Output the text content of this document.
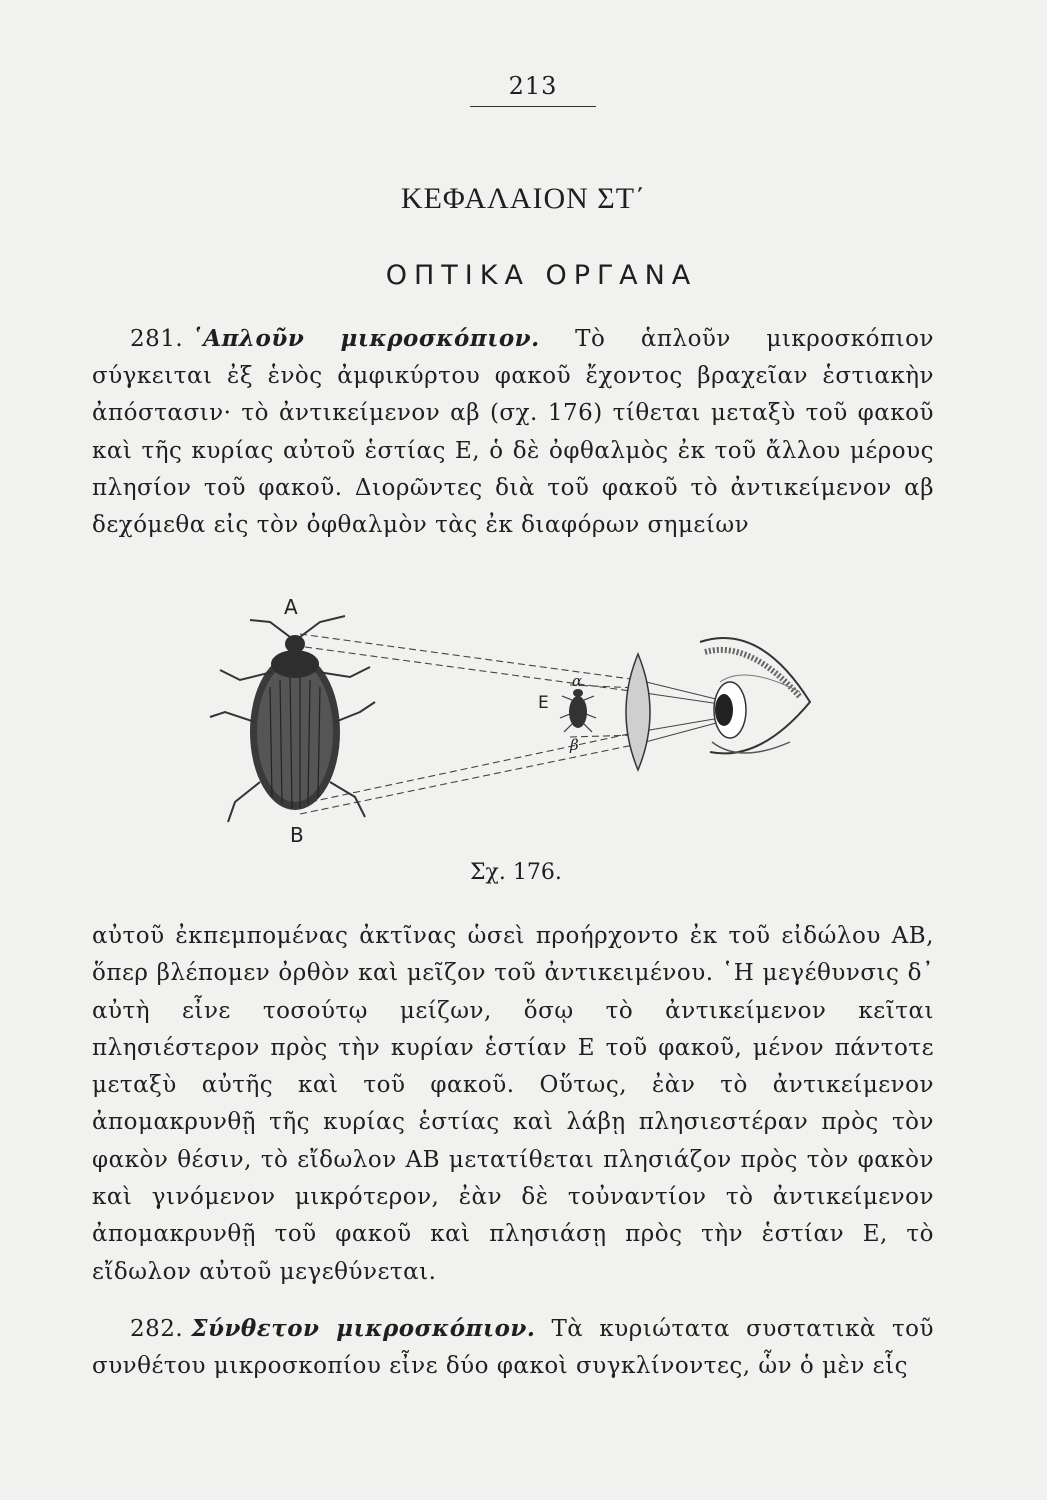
213
ΚΕΦΑΛΑΙΟΝ ΣΤ΄
ΟΠΤΙΚΑ ΟΡΓΑΝΑ
281. ῾Απλοῦν μικροσκόπιον. Τὸ ἁπλοῦν μικροσκόπιον σύγκειται ἐξ ἑνὸς ἀμφικύρτου φακοῦ ἔχοντος βραχεῖαν ἑστιακὴν ἀπόστασιν· τὸ ἀντικείμενον αβ (σχ. 176) τίθεται μεταξὺ τοῦ φακοῦ καὶ τῆς κυρίας αὐτοῦ ἑστίας Ε, ὁ δὲ ὀφθαλμὸς ἐκ τοῦ ἄλλου μέρους πλησίον τοῦ φακοῦ. Διορῶντες διὰ τοῦ φακοῦ τὸ ἀντικείμενον αβ δεχόμεθα εἰς τὸν ὀφθαλμὸν τὰς ἐκ διαφόρων σημείων
Α
Β
Ε
α
β
Σχ. 176.
αὐτοῦ ἐκπεμπομένας ἀκτῖνας ὡσεὶ προήρχοντο ἐκ τοῦ εἰδώλου ΑΒ, ὅπερ βλέπομεν ὀρθὸν καὶ μεῖζον τοῦ ἀντικειμένου. ῾Η μεγέθυνσις δ᾽ αὐτὴ εἶνε τοσούτῳ μείζων, ὅσῳ τὸ ἀντικείμενον κεῖται πλησιέστερον πρὸς τὴν κυρίαν ἑστίαν Ε τοῦ φακοῦ, μένον πάντοτε μεταξὺ αὐτῆς καὶ τοῦ φακοῦ. Οὕτως, ἐὰν τὸ ἀντικείμενον ἀπομακρυνθῇ τῆς κυρίας ἑστίας καὶ λάβῃ πλησιεστέραν πρὸς τὸν φακὸν θέσιν, τὸ εἴδωλον ΑΒ μετατίθεται πλησιάζον πρὸς τὸν φακὸν καὶ γινόμενον μικρότερον, ἐὰν δὲ τοὐναντίον τὸ ἀντικείμενον ἀπομακρυνθῇ τοῦ φακοῦ καὶ πλησιάσῃ πρὸς τὴν ἑστίαν Ε, τὸ εἴδωλον αὐτοῦ μεγεθύνεται.
282. Σύνθετον μικροσκόπιον. Τὰ κυριώτατα συστατικὰ τοῦ συνθέτου μικροσκοπίου εἶνε δύο φακοὶ συγκλίνοντες, ὧν ὁ μὲν εἷς
